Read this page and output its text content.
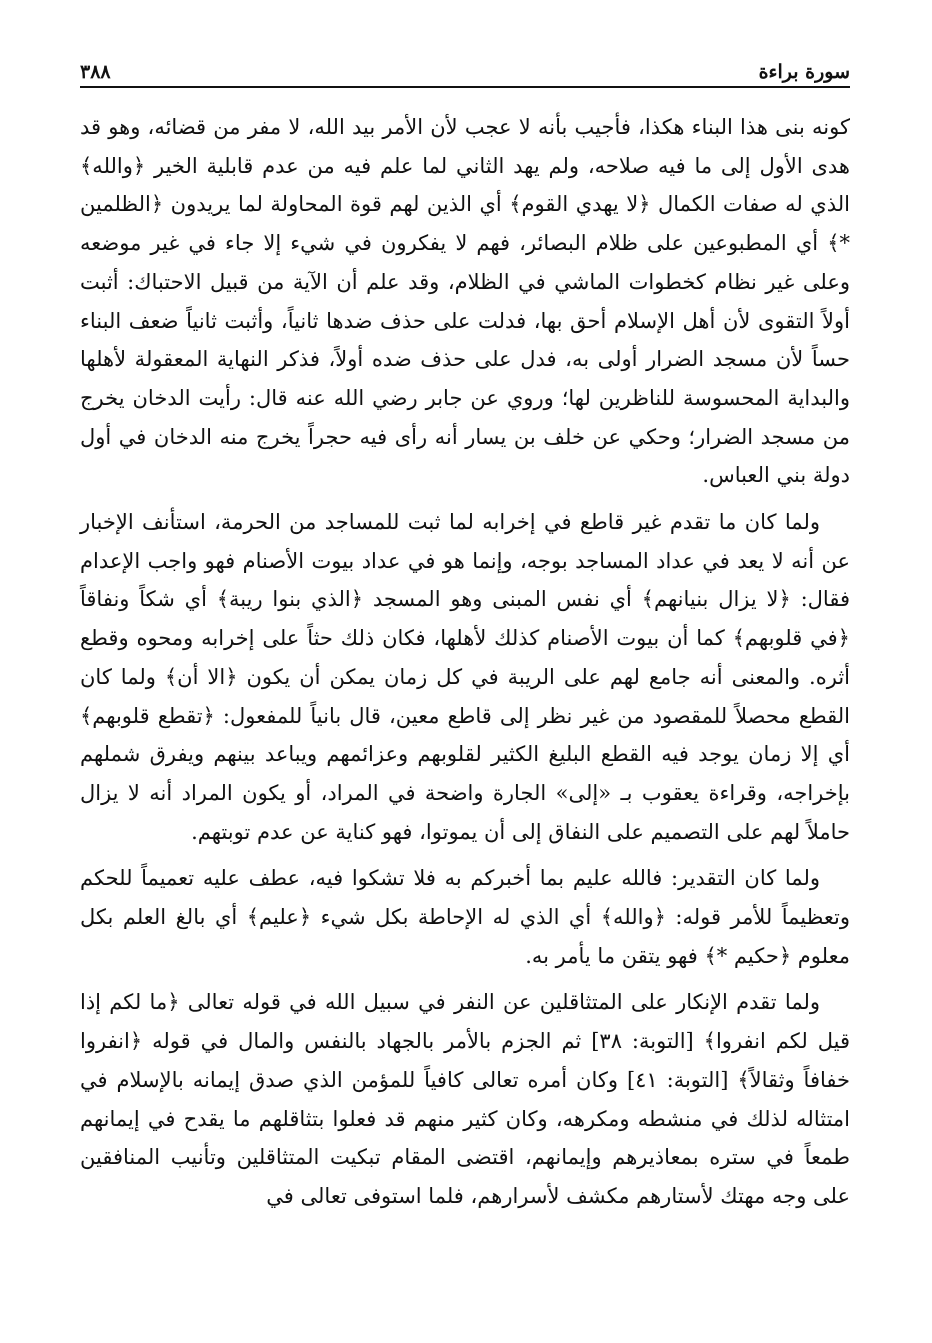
٣٨٨	سورة براءة

كونه بنى هذا البناء هكذا، فأجيب بأنه لا عجب لأن الأمر بيد الله، لا مفر من قضائه، وهو قد هدى الأول إلى ما فيه صلاحه، ولم يهد الثاني لما علم فيه من عدم قابلية الخير ﴿والله﴾ الذي له صفات الكمال ﴿لا يهدي القوم﴾ أي الذين لهم قوة المحاولة لما يريدون ﴿الظلمين *﴾ أي المطبوعين على ظلام البصائر، فهم لا يفكرون في شيء إلا جاء في غير موضعه وعلى غير نظام كخطوات الماشي في الظلام، وقد علم أن الآية من قبيل الاحتباك: أثبت أولاً التقوى لأن أهل الإسلام أحق بها، فدلت على حذف ضدها ثانياً، وأثبت ثانياً ضعف البناء حساً لأن مسجد الضرار أولى به، فدل على حذف ضده أولاً، فذكر النهاية المعقولة لأهلها والبداية المحسوسة للناظرين لها؛ وروي عن جابر رضي الله عنه قال: رأيت الدخان يخرج من مسجد الضرار؛ وحكي عن خلف بن يسار أنه رأى فيه حجراً يخرج منه الدخان في أول دولة بني العباس.

ولما كان ما تقدم غير قاطع في إخرابه لما ثبت للمساجد من الحرمة، استأنف الإخبار عن أنه لا يعد في عداد المساجد بوجه، وإنما هو في عداد بيوت الأصنام فهو واجب الإعدام فقال: ﴿لا يزال بنيانهم﴾ أي نفس المبنى وهو المسجد ﴿الذي بنوا ريبة﴾ أي شكاً ونفاقاً ﴿في قلوبهم﴾ كما أن بيوت الأصنام كذلك لأهلها، فكان ذلك حثاً على إخرابه ومحوه وقطع أثره. والمعنى أنه جامع لهم على الريبة في كل زمان يمكن أن يكون ﴿الا أن﴾ ولما كان القطع محصلاً للمقصود من غير نظر إلى قاطع معين، قال بانياً للمفعول: ﴿تقطع قلوبهم﴾ أي إلا زمان يوجد فيه القطع البليغ الكثير لقلوبهم وعزائمهم ويباعد بينهم ويفرق شملهم بإخراجه، وقراءة يعقوب بـ «إلى» الجارة واضحة في المراد، أو يكون المراد أنه لا يزال حاملاً لهم على التصميم على النفاق إلى أن يموتوا، فهو كناية عن عدم توبتهم.

ولما كان التقدير: فالله عليم بما أخبركم به فلا تشكوا فيه، عطف عليه تعميماً للحكم وتعظيماً للأمر قوله: ﴿والله﴾ أي الذي له الإحاطة بكل شيء ﴿عليم﴾ أي بالغ العلم بكل معلوم ﴿حكيم *﴾ فهو يتقن ما يأمر به.

ولما تقدم الإنكار على المتثاقلين عن النفر في سبيل الله في قوله تعالى ﴿ما لكم إذا قيل لكم انفروا﴾ [التوبة: ٣٨] ثم الجزم بالأمر بالجهاد بالنفس والمال في قوله ﴿انفروا خفافاً وثقالاً﴾ [التوبة: ٤١] وكان أمره تعالى كافياً للمؤمن الذي صدق إيمانه بالإسلام في امتثاله لذلك في منشطه ومكرهه، وكان كثير منهم قد فعلوا بتثاقلهم ما يقدح في إيمانهم طمعاً في ستره بمعاذيرهم وإيمانهم، اقتضى المقام تبكيت المتثاقلين وتأنيب المنافقين على وجه مهتك لأستارهم مكشف لأسرارهم، فلما استوفى تعالى في
